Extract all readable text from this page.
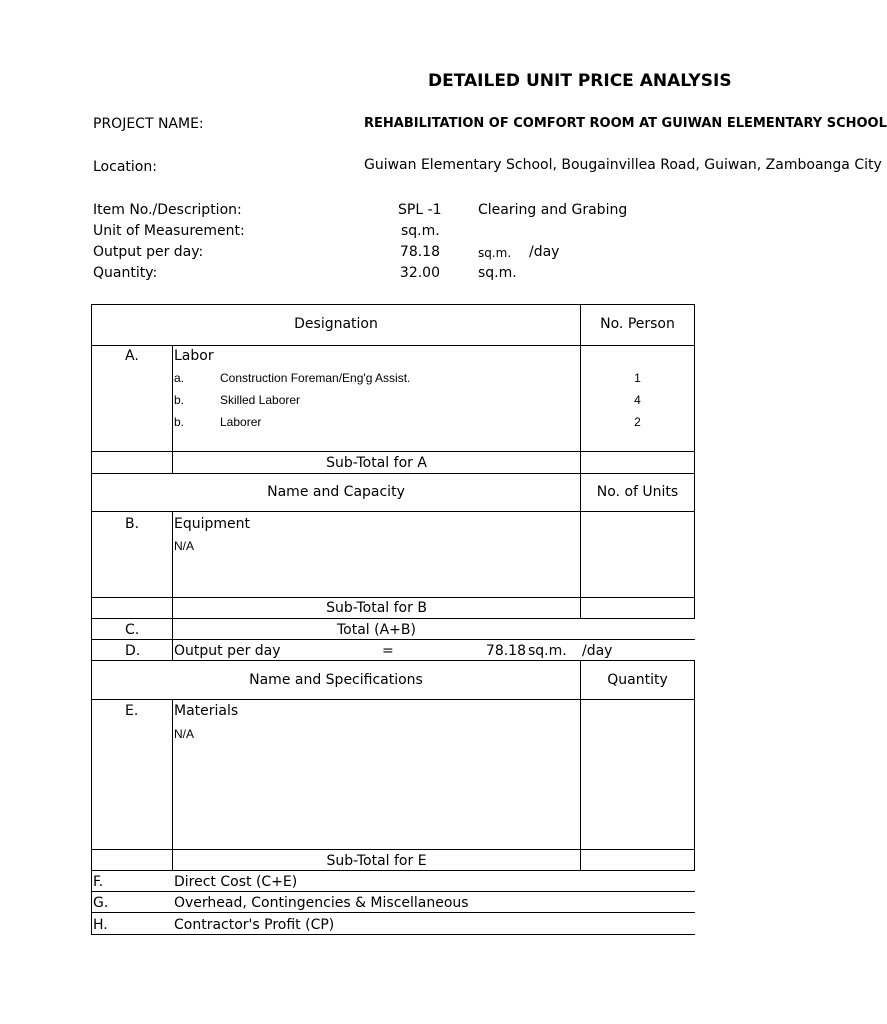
DETAILED UNIT PRICE ANALYSIS
PROJECT NAME:	REHABILITATION OF COMFORT ROOM AT GUIWAN ELEMENTARY SCHOOL
Location:	Guiwan Elementary School, Bougainvillea Road, Guiwan, Zamboanga City
Item No./Description:	SPL -1	Clearing and Grabing
Unit of Measurement:	sq.m.
Output per day:	78.18	sq.m. /day
Quantity:	32.00	sq.m.
Designation	No. Person
A.	Labor
a.	Construction Foreman/Eng'g Assist.	1
b.	Skilled Laborer	4
b.	Laborer	2
Sub-Total for A
Name and Capacity	No. of Units
B. Equipment
N/A
Sub-Total for B
C.	Total (A+B)
D. Output per day	=	78.18 sq.m. /day
Name and Specifications	Quantity
E.	Materials
N/A
Sub-Total for E
F.	Direct Cost (C+E)
G.	Overhead, Contingencies & Miscellaneous
H.	Contractor's Profit (CP)
